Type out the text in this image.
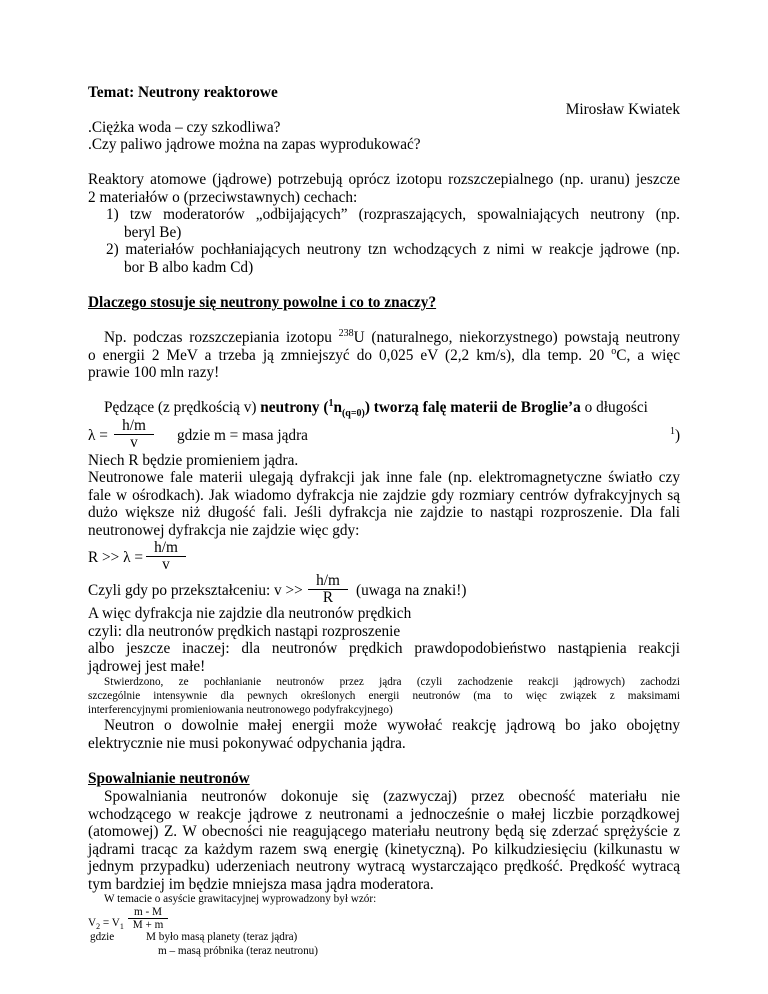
Temat: Neutrony reaktorowe
Mirosław Kwiatek
.Ciężka woda – czy szkodliwa?
.Czy paliwo jądrowe można na zapas wyprodukować?
Reaktory atomowe (jądrowe) potrzebują oprócz izotopu rozszczepialnego (np. uranu) jeszcze
2 materiałów o (przeciwstawnych) cechach:
1) tzw moderatorów „odbijających” (rozpraszających, spowalniających neutrony (np.
beryl Be)
2) materiałów pochłaniających neutrony tzn wchodzących z nimi w reakcje jądrowe (np.
bor B albo kadm Cd)
Dlaczego stosuje się neutrony powolne i co to znaczy?
Np. podczas rozszczepiania izotopu $^{238}$U (naturalnego, niekorzystnego) powstają neutrony
o energii 2 MeV a trzeba ją zmniejszyć do 0,025 eV (2,2 km/s), dla temp. 20 $^o$C, a więc
prawie 100 mln razy!
Pędzące (z prędkością v) neutrony $(^1n_{(q=0)})$ tworzą falę materii de Broglie’a o długości
$\lambda = \frac{h/m}{v}$ gdzie m = masa jądra	$^1$)
Niech R będzie promieniem jądra.
Neutronowe fale materii ulegają dyfrakcji jak inne fale (np. elektromagnetyczne światło czy
fale w ośrodkach). Jak wiadomo dyfrakcja nie zajdzie gdy rozmiary centrów dyfrakcyjnych są
dużo większe niż długość fali. Jeśli dyfrakcja nie zajdzie to nastąpi rozproszenie. Dla fali
neutronowej dyfrakcja nie zajdzie więc gdy:
$R >> \lambda = \frac{h/m}{v}$
Czyli gdy po przekształceniu: $v >> \frac{h/m}{R}$ (uwaga na znaki!)
A więc dyfrakcja nie zajdzie dla neutronów prędkich
czyli: dla neutronów prędkich nastąpi rozproszenie
albo jeszcze inaczej: dla neutronów prędkich prawdopodobieństwo nastąpienia reakcji
jądrowej jest małe!
Stwierdzono, ze pochłanianie neutronów przez jądra (czyli zachodzenie reakcji jądrowych) zachodzi
szczególnie intensywnie dla pewnych określonych energii neutronów (ma to więc związek z maksimami
interferencyjnymi promieniowania neutronowego podyfrakcyjnego)
Neutron o dowolnie małej energii może wywołać reakcję jądrową bo jako obojętny
elektrycznie nie musi pokonywać odpychania jądra.
Spowalnianie neutronów
Spowalniania neutronów dokonuje się (zazwyczaj) przez obecność materiału nie
wchodzącego w reakcje jądrowe z neutronami a jednocześnie o małej liczbie porządkowej
(atomowej) Z. W obecności nie reagującego materiału neutrony będą się zderzać sprężyście z
jądrami tracąc za każdym razem swą energię (kinetyczną). Po kilkudziesięciu (kilkunastu w
jednym przypadku) uderzeniach neutrony wytracą wystarczająco prędkość. Prędkość wytracą
tym bardziej im będzie mniejsza masa jądra moderatora.
W temacie o asyście grawitacyjnej wyprowadzony był wzór:
$V_2 = V_1 \frac{m - M}{M + m}$
gdzie	M było masą planety (teraz jądra)
m – masą próbnika (teraz neutronu)
